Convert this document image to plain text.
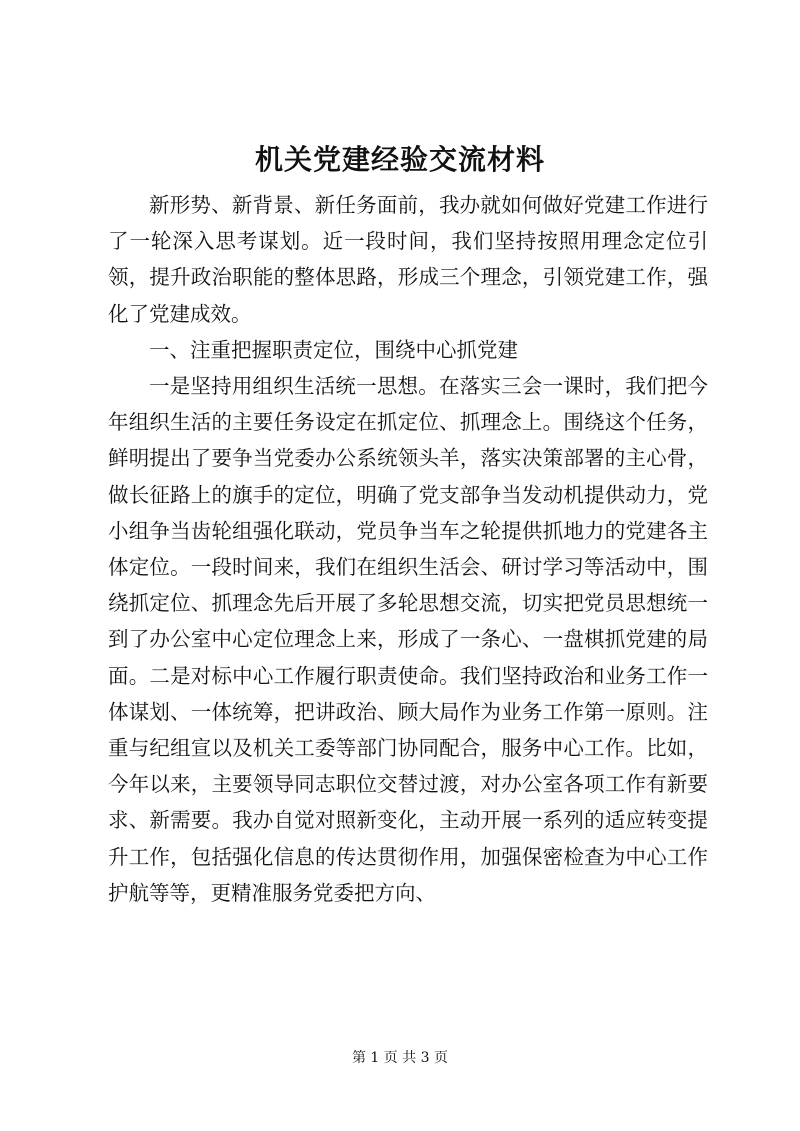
机关党建经验交流材料

新形势、新背景、新任务面前，我办就如何做好党建工作进行了一轮深入思考谋划。近一段时间，我们坚持按照用理念定位引领，提升政治职能的整体思路，形成三个理念，引领党建工作，强化了党建成效。

一、注重把握职责定位，围绕中心抓党建

一是坚持用组织生活统一思想。在落实三会一课时，我们把今年组织生活的主要任务设定在抓定位、抓理念上。围绕这个任务，鲜明提出了要争当党委办公系统领头羊，落实决策部署的主心骨，做长征路上的旗手的定位，明确了党支部争当发动机提供动力，党小组争当齿轮组强化联动，党员争当车之轮提供抓地力的党建各主体定位。一段时间来，我们在组织生活会、研讨学习等活动中，围绕抓定位、抓理念先后开展了多轮思想交流，切实把党员思想统一到了办公室中心定位理念上来，形成了一条心、一盘棋抓党建的局面。二是对标中心工作履行职责使命。我们坚持政治和业务工作一体谋划、一体统筹，把讲政治、顾大局作为业务工作第一原则。注重与纪组宣以及机关工委等部门协同配合，服务中心工作。比如，今年以来，主要领导同志职位交替过渡，对办公室各项工作有新要求、新需要。我办自觉对照新变化，主动开展一系列的适应转变提升工作，包括强化信息的传达贯彻作用，加强保密检查为中心工作护航等等，更精准服务党委把方向、

第 1 页 共 3 页
